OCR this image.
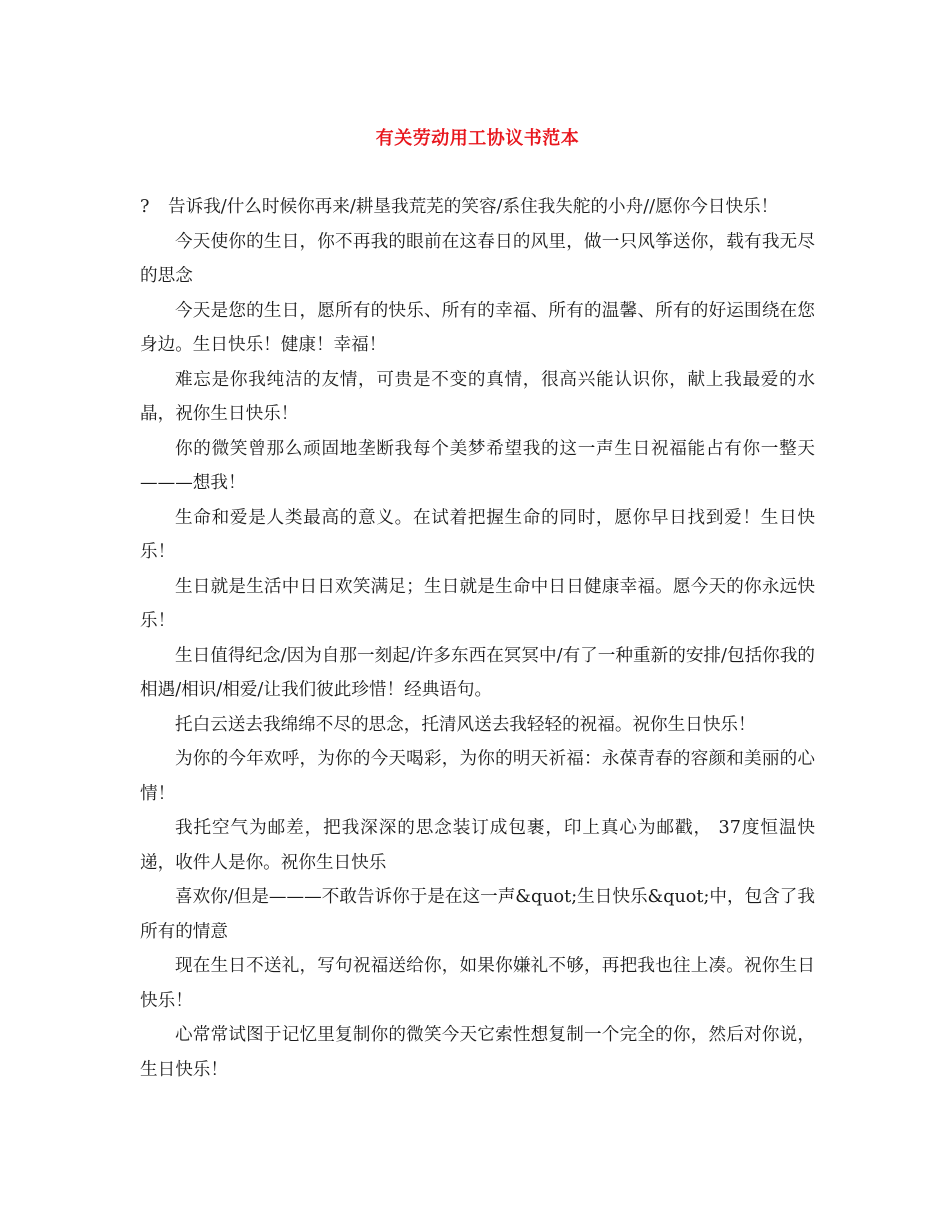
有关劳动用工协议书范本

? 告诉我/什么时候你再来/耕垦我荒芜的笑容/系住我失舵的小舟//愿你今日快乐！

今天使你的生日，你不再我的眼前在这春日的风里，做一只风筝送你，载有我无尽的思念

今天是您的生日，愿所有的快乐、所有的幸福、所有的温馨、所有的好运围绕在您身边。生日快乐！健康！幸福！

难忘是你我纯洁的友情，可贵是不变的真情，很高兴能认识你，献上我最爱的水晶，祝你生日快乐！

你的微笑曾那么顽固地垄断我每个美梦希望我的这一声生日祝福能占有你一整天———想我！

生命和爱是人类最高的意义。在试着把握生命的同时，愿你早日找到爱！生日快乐！

生日就是生活中日日欢笑满足；生日就是生命中日日健康幸福。愿今天的你永远快乐！

生日值得纪念/因为自那一刻起/许多东西在冥冥中/有了一种重新的安排/包括你我的相遇/相识/相爱/让我们彼此珍惜！经典语句。

托白云送去我绵绵不尽的思念，托清风送去我轻轻的祝福。祝你生日快乐！

为你的今年欢呼，为你的今天喝彩，为你的明天祈福：永葆青春的容颜和美丽的心情！

我托空气为邮差，把我深深的思念装订成包裹，印上真心为邮戳， 37度恒温快递，收件人是你。祝你生日快乐

喜欢你/但是———不敢告诉你于是在这一声&quot;生日快乐&quot;中，包含了我所有的情意

现在生日不送礼，写句祝福送给你，如果你嫌礼不够，再把我也往上凑。祝你生日快乐！

心常常试图于记忆里复制你的微笑今天它索性想复制一个完全的你，然后对你说，生日快乐！
